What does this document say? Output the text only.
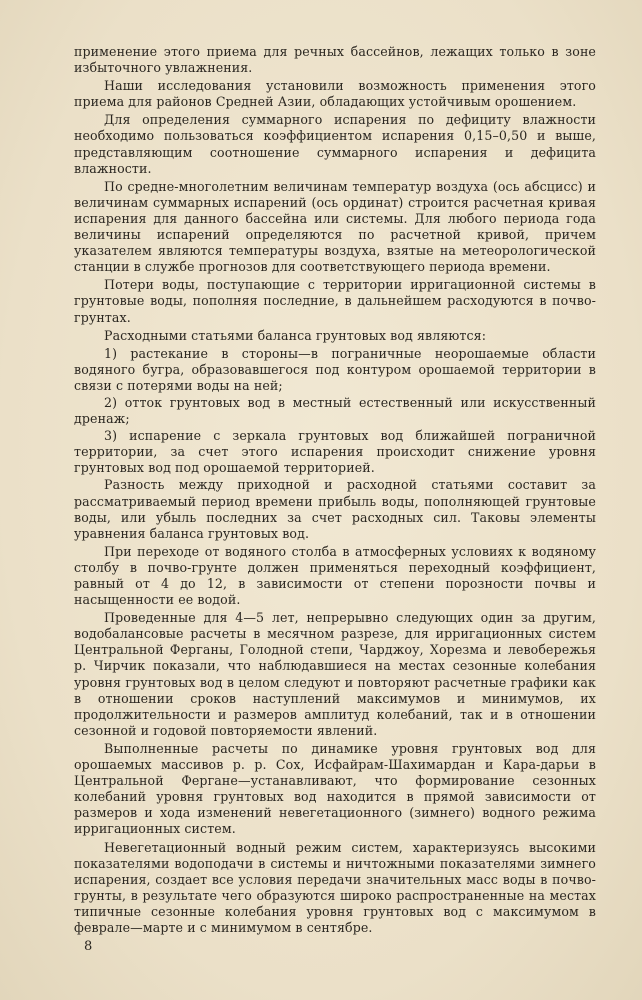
применение этого приема для речных бассейнов, лежащих только в зоне избыточного увлажнения.

Наши исследования установили возможность применения этого приема для районов Средней Азии, обладающих устойчивым орошением.

Для определения суммарного испарения по дефициту влажности необходимо пользоваться коэффициентом испарения 0,15–0,50 и выше, представляющим соотношение суммарного испарения и дефицита влажности.

По средне-многолетним величинам температур воздуха (ось абсцисс) и величинам суммарных испарений (ось ординат) строится расчетная кривая испарения для данного бассейна или системы. Для любого периода года величины испарений определяются по расчетной кривой, причем указателем являются температуры воздуха, взятые на метеорологической станции в службе прогнозов для соответствующего периода времени.

Потери воды, поступающие с территории ирригационной системы в грунтовые воды, пополняя последние, в дальнейшем расходуются в почво-грунтах.

Расходными статьями баланса грунтовых вод являются:

1) растекание в стороны—в пограничные неорошаемые области водяного бугра, образовавшегося под контуром орошаемой территории в связи с потерями воды на ней;

2) отток грунтовых вод в местный естественный или искусственный дренаж;

3) испарение с зеркала грунтовых вод ближайшей пограничной территории, за счет этого испарения происходит снижение уровня грунтовых вод под орошаемой территорией.

Разность между приходной и расходной статьями составит за рассматриваемый период времени прибыль воды, пополняющей грунтовые воды, или убыль последних за счет расходных сил. Таковы элементы уравнения баланса грунтовых вод.

При переходе от водяного столба в атмосферных условиях к водяному столбу в почво-грунте должен применяться переходный коэффициент, равный от 4 до 12, в зависимости от степени порозности почвы и насыщенности ее водой.

Проведенные для 4—5 лет, непрерывно следующих один за другим, водобалансовые расчеты в месячном разрезе, для ирригационных систем Центральной Ферганы, Голодной степи, Чарджоу, Хорезма и левобережья р. Чирчик показали, что наблюдавшиеся на местах сезонные колебания уровня грунтовых вод в целом следуют и повторяют расчетные графики как в отношении сроков наступлений максимумов и минимумов, их продолжительности и размеров амплитуд колебаний, так и в отношении сезонной и годовой повторяемости явлений.

Выполненные расчеты по динамике уровня грунтовых вод для орошаемых массивов р. р. Сох, Исфайрам-Шахимардан и Кара-дарьи в Центральной Фергане—устанавливают, что формирование сезонных колебаний уровня грунтовых вод находится в прямой зависимости от размеров и хода изменений невегетационного (зимнего) водного режима ирригационных систем.

Невегетационный водный режим систем, характеризуясь высокими показателями водоподачи в системы и ничтожными показателями зимнего испарения, создает все условия передачи значительных масс воды в почво-грунты, в результате чего образуются широко распространенные на местах типичные сезонные колебания уровня грунтовых вод с максимумом в феврале—марте и с минимумом в сентябре.

8
